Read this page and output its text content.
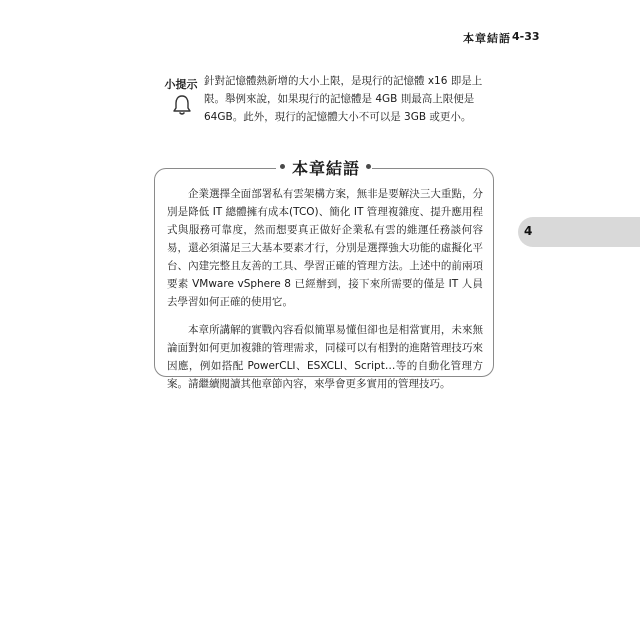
本章結語 4-33
小提示 針對記憶體熱新增的大小上限，是現行的記憶體 x16 即是上限。舉例來說，如果現行的記憶體是 4GB 則最高上限便是 64GB。此外，現行的記憶體大小不可以是 3GB 或更小。
4
本章結語

企業選擇全面部署私有雲架構方案，無非是要解決三大重點，分別是降低 IT 總體擁有成本(TCO)、簡化 IT 管理複雜度、提升應用程式與服務可靠度，然而想要真正做好企業私有雲的維運任務談何容易，還必須滿足三大基本要素才行，分別是選擇強大功能的虛擬化平台、內建完整且友善的工具、學習正確的管理方法。上述中的前兩項要素 VMware vSphere 8 已經辦到，接下來所需要的僅是 IT 人員去學習如何正確的使用它。

本章所講解的實戰內容看似簡單易懂但卻也是相當實用，未來無論面對如何更加複雜的管理需求，同樣可以有相對的進階管理技巧來因應，例如搭配 PowerCLI、ESXCLI、Script…等的自動化管理方案。請繼續閱讀其他章節內容，來學會更多實用的管理技巧。
